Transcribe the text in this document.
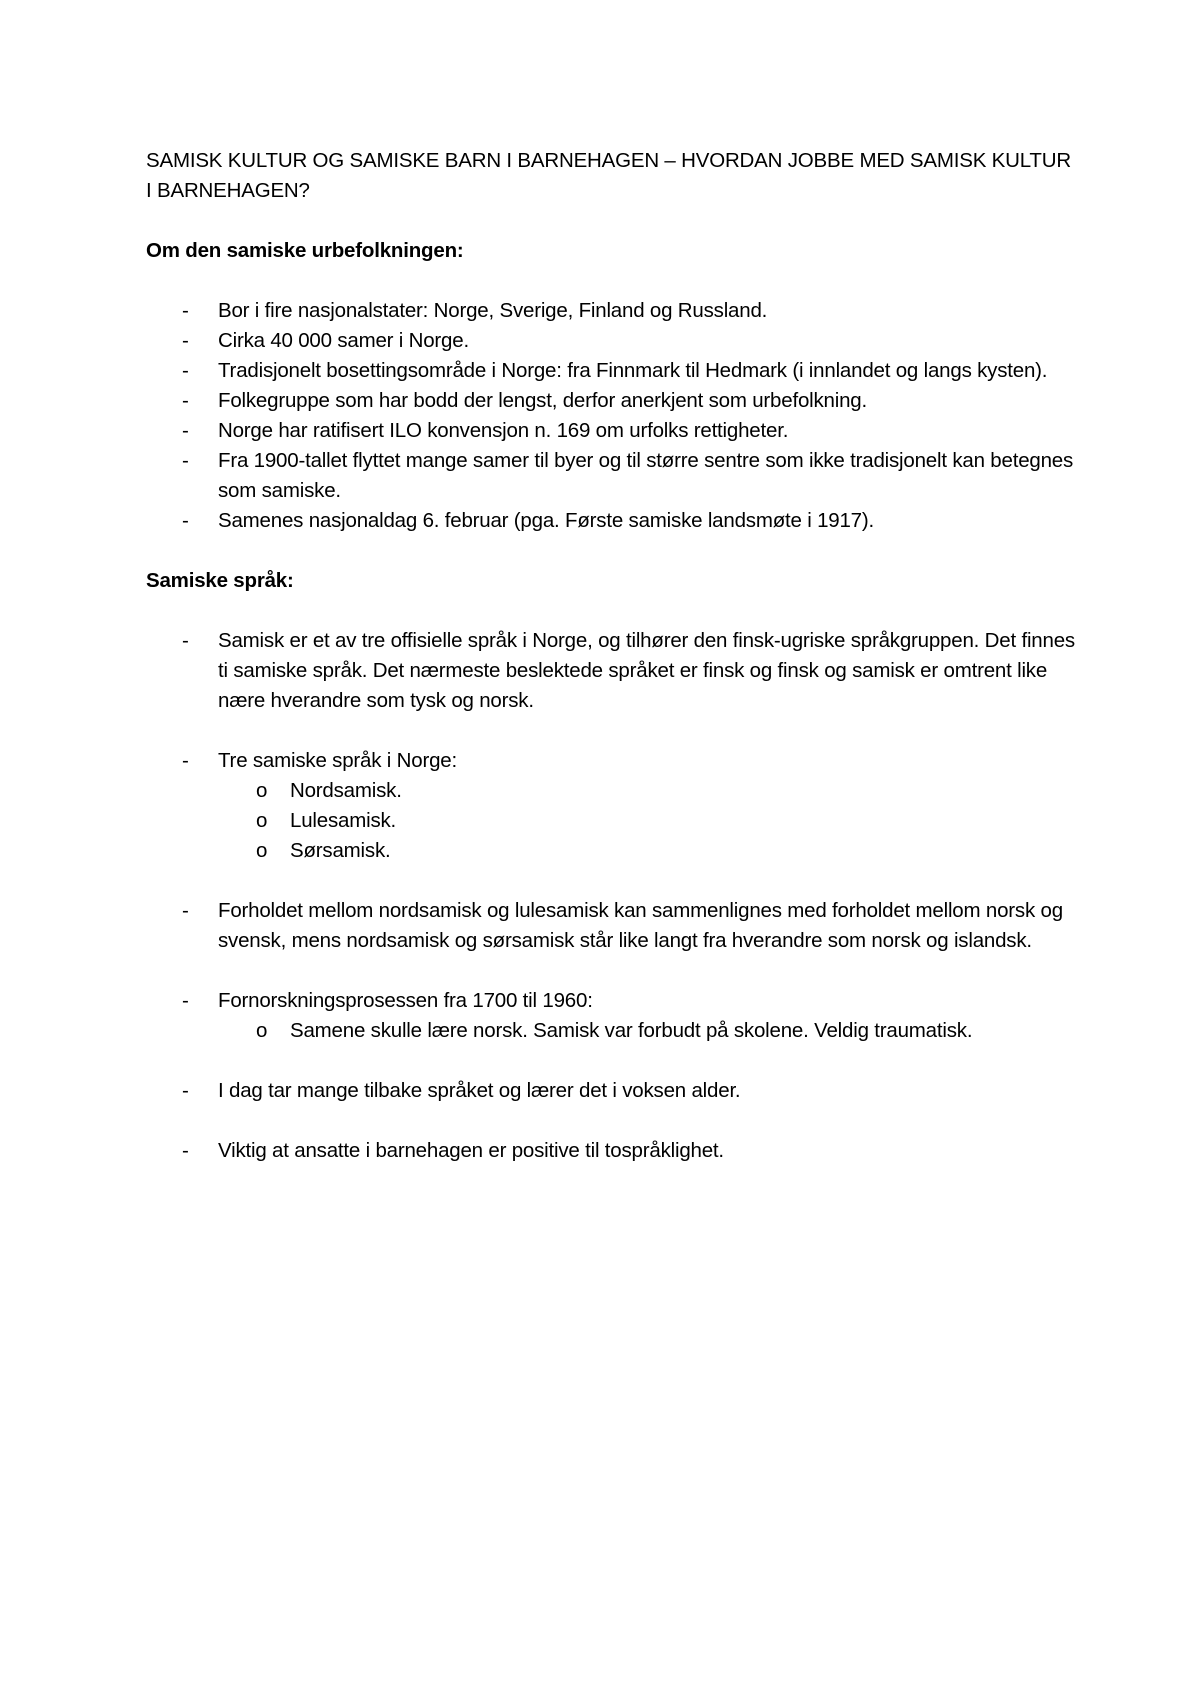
SAMISK KULTUR OG SAMISKE BARN I BARNEHAGEN – HVORDAN JOBBE MED SAMISK KULTUR I BARNEHAGEN?

Om den samiske urbefolkningen:

-	Bor i fire nasjonalstater: Norge, Sverige, Finland og Russland.
-	Cirka 40 000 samer i Norge.
-	Tradisjonelt bosettingsområde i Norge: fra Finnmark til Hedmark (i innlandet og langs kysten).
-	Folkegruppe som har bodd der lengst, derfor anerkjent som urbefolkning.
-	Norge har ratifisert ILO konvensjon n. 169 om urfolks rettigheter.
-	Fra 1900-tallet flyttet mange samer til byer og til større sentre som ikke tradisjonelt kan betegnes som samiske.
-	Samenes nasjonaldag 6. februar (pga. Første samiske landsmøte i 1917).

Samiske språk:

-	Samisk er et av tre offisielle språk i Norge, og tilhører den finsk-ugriske språkgruppen. Det finnes ti samiske språk. Det nærmeste beslektede språket er finsk og finsk og samisk er omtrent like nære hverandre som tysk og norsk.
-	Tre samiske språk i Norge:
o Nordsamisk.
o Lulesamisk.
o Sørsamisk.
-	Forholdet mellom nordsamisk og lulesamisk kan sammenlignes med forholdet mellom norsk og svensk, mens nordsamisk og sørsamisk står like langt fra hverandre som norsk og islandsk.
-	Fornorskningsprosessen fra 1700 til 1960:
o Samene skulle lære norsk. Samisk var forbudt på skolene. Veldig traumatisk.
-	I dag tar mange tilbake språket og lærer det i voksen alder.
-	Viktig at ansatte i barnehagen er positive til tospråklighet.
